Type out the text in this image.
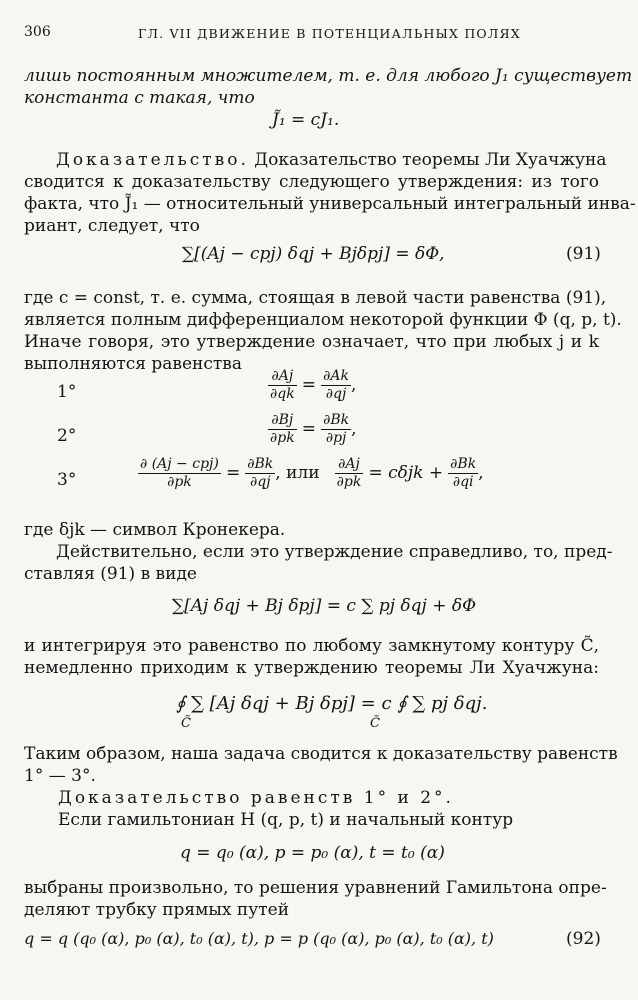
306	ГЛ. VII ДВИЖЕНИЕ В ПОТЕНЦИАЛЬНЫХ ПОЛЯХ
лишь постоянным множителем, т. е. для любого J₁ существует
константа c такая, что
J̃₁ = cJ₁.
Доказательство. Доказательство теоремы Ли Хуачжуна
сводится к доказательству следующего утверждения: из того
факта, что J̃₁ — относительный универсальный интегральный инва-
риант, следует, что
∑[(Aj − cpj) δqj + Bjδpj] = δΦ,	(91)
где c = const, т. е. сумма, стоящая в левой части равенства (91),
является полным дифференциалом некоторой функции Φ (q, p, t).
Иначе говоря, это утверждение означает, что при любых j и k
выполняются равенства
1°	$\frac{\partial Aj}{\partial qk} = \frac{\partial Ak}{\partial qj}$ ,
2°	$\frac{\partial Bj}{\partial pk} = \frac{\partial Bk}{\partial pj}$ ,
3°	$\frac{\text{∂ (Aj − cpj)}}{\partial pk} = \frac{\partial Bk}{\partial qj}$ , или $\frac{\partial Aj}{\partial pk} = c\delta jk + \frac{\partial Bk}{\partial qi}$ ,
где δjk — символ Кронекера.
Действительно, если это утверждение справедливо, то, пред-
ставляя (91) в виде
∑[Aj δqj + Bj δpj] = c ∑ pj δqj + δΦ
и интегрируя это равенство по любому замкнутому контуру C̃,
немедленно приходим к утверждению теоремы Ли Хуачжуна:
∮ ∑ [Aj δqj + Bj δpj] = c ∮ ∑ pj δqj.
C̃	C̃
Таким образом, наша задача сводится к доказательству равенств
1° — 3°.
Доказательство равенств 1° и 2°.
Если гамильтониан H (q, p, t) и начальный контур
q = q₀ (α), p = p₀ (α), t = t₀ (α)
выбраны произвольно, то решения уравнений Гамильтона опре-
деляют трубку прямых путей
q = q (q₀ (α), p₀ (α), t₀ (α), t), p = p (q₀ (α), p₀ (α), t₀ (α), t)	(92)
